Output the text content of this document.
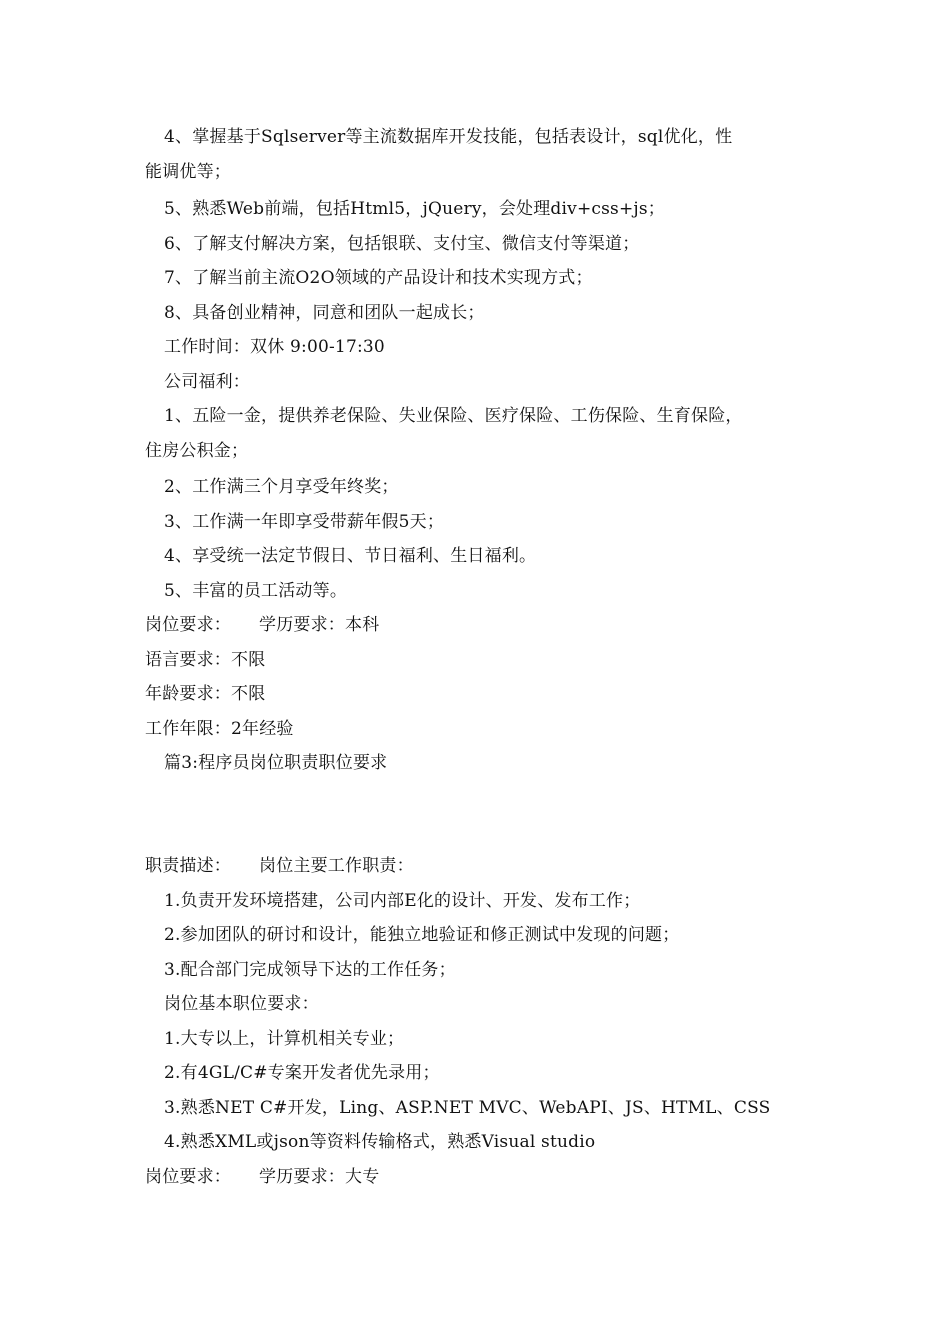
4、掌握基于Sqlserver等主流数据库开发技能，包括表设计，sql优化，性
能调优等；
5、熟悉Web前端，包括Html5，jQuery，会处理div+css+js；
6、了解支付解决方案，包括银联、支付宝、微信支付等渠道；
7、了解当前主流O2O领域的产品设计和技术实现方式；
8、具备创业精神，同意和团队一起成长；
工作时间：双休 9:00-17:30
公司福利：
1、五险一金，提供养老保险、失业保险、医疗保险、工伤保险、生育保险，
住房公积金；
2、工作满三个月享受年终奖；
3、工作满一年即享受带薪年假5天；
4、享受统一法定节假日、节日福利、生日福利。
5、丰富的员工活动等。
岗位要求： 学历要求：本科
语言要求：不限
年龄要求：不限
工作年限：2年经验
篇3:程序员岗位职责职位要求
职责描述： 岗位主要工作职责：
1.负责开发环境搭建，公司内部E化的设计、开发、发布工作；
2.参加团队的研讨和设计，能独立地验证和修正测试中发现的问题；
3.配合部门完成领导下达的工作任务；
岗位基本职位要求：
1.大专以上，计算机相关专业；
2.有4GL/C#专案开发者优先录用；
3.熟悉NET C#开发，Ling、ASP.NET MVC、WebAPI、JS、HTML、CSS
4.熟悉XML或json等资料传输格式，熟悉Visual studio
岗位要求： 学历要求：大专
